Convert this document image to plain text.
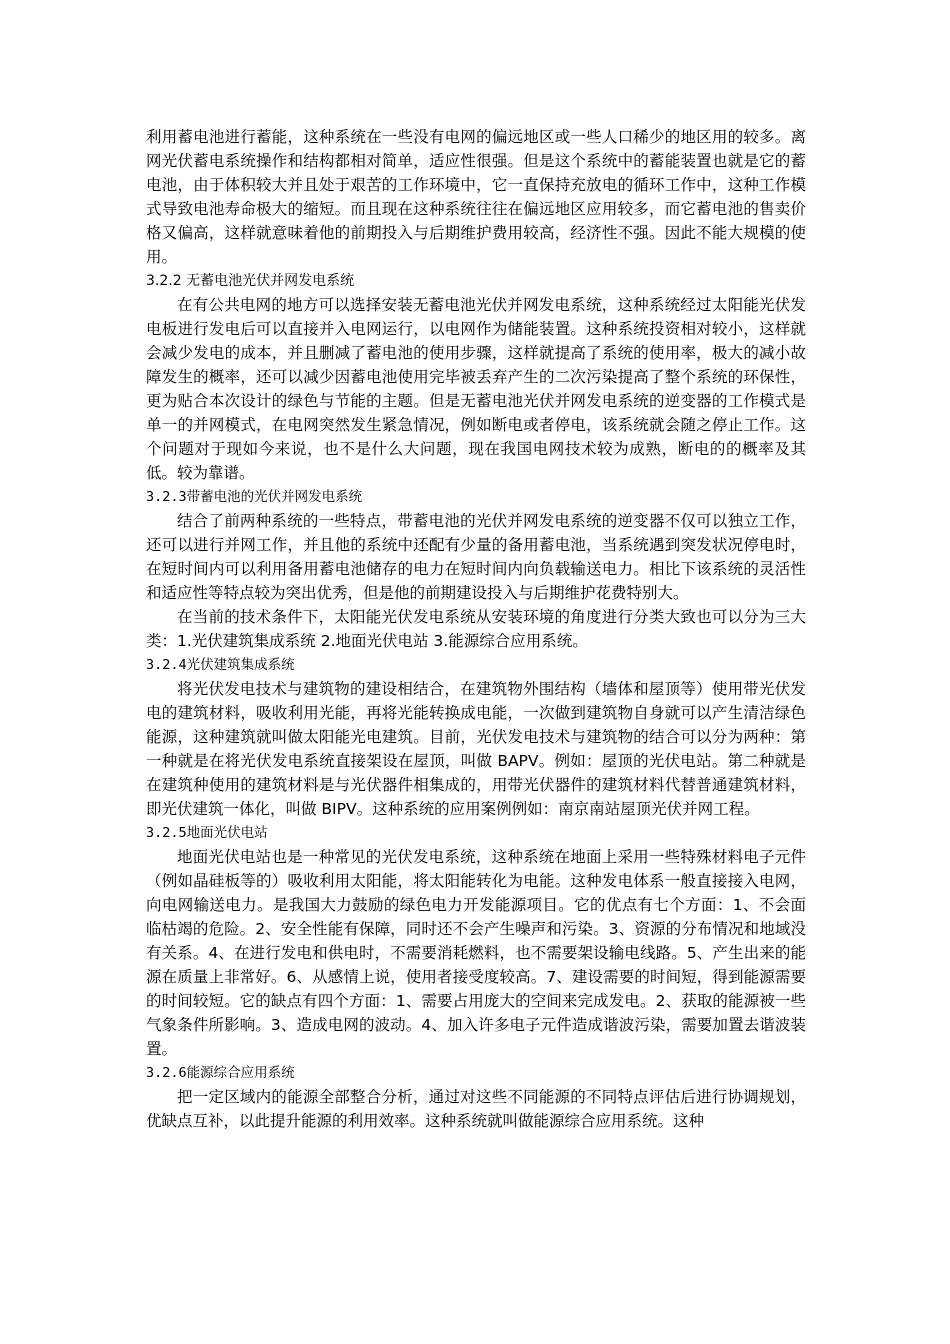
利用蓄电池进行蓄能，这种系统在一些没有电网的偏远地区或一些人口稀少的地区用的较多。离网光伏蓄电系统操作和结构都相对简单，适应性很强。但是这个系统中的蓄能装置也就是它的蓄电池，由于体积较大并且处于艰苦的工作环境中，它一直保持充放电的循环工作中，这种工作模式导致电池寿命极大的缩短。而且现在这种系统往往在偏远地区应用较多，而它蓄电池的售卖价格又偏高，这样就意味着他的前期投入与后期维护费用较高，经济性不强。因此不能大规模的使用。

3.2.2 无蓄电池光伏并网发电系统

在有公共电网的地方可以选择安装无蓄电池光伏并网发电系统，这种系统经过太阳能光伏发电板进行发电后可以直接并入电网运行，以电网作为储能装置。这种系统投资相对较小，这样就会减少发电的成本，并且删减了蓄电池的使用步骤，这样就提高了系统的使用率，极大的减小故障发生的概率，还可以减少因蓄电池使用完毕被丢弃产生的二次污染提高了整个系统的环保性，更为贴合本次设计的绿色与节能的主题。但是无蓄电池光伏并网发电系统的逆变器的工作模式是单一的并网模式，在电网突然发生紧急情况，例如断电或者停电，该系统就会随之停止工作。这个问题对于现如今来说，也不是什么大问题，现在我国电网技术较为成熟，断电的的概率及其低。较为靠谱。

3.2.3带蓄电池的光伏并网发电系统

结合了前两种系统的一些特点，带蓄电池的光伏并网发电系统的逆变器不仅可以独立工作，还可以进行并网工作，并且他的系统中还配有少量的备用蓄电池，当系统遇到突发状况停电时，在短时间内可以利用备用蓄电池储存的电力在短时间内向负载输送电力。相比下该系统的灵活性和适应性等特点较为突出优秀，但是他的前期建设投入与后期维护花费特别大。

在当前的技术条件下，太阳能光伏发电系统从安装环境的角度进行分类大致也可以分为三大类：1.光伏建筑集成系统 2.地面光伏电站 3.能源综合应用系统。

3.2.4光伏建筑集成系统

将光伏发电技术与建筑物的建设相结合，在建筑物外围结构（墙体和屋顶等）使用带光伏发电的建筑材料，吸收利用光能，再将光能转换成电能，一次做到建筑物自身就可以产生清洁绿色能源，这种建筑就叫做太阳能光电建筑。目前，光伏发电技术与建筑物的结合可以分为两种：第一种就是在将光伏发电系统直接架设在屋顶，叫做 BAPV。例如：屋顶的光伏电站。第二种就是在建筑种使用的建筑材料是与光伏器件相集成的，用带光伏器件的建筑材料代替普通建筑材料，即光伏建筑一体化，叫做 BIPV。这种系统的应用案例例如：南京南站屋顶光伏并网工程。

3.2.5地面光伏电站

地面光伏电站也是一种常见的光伏发电系统，这种系统在地面上采用一些特殊材料电子元件（例如晶硅板等的）吸收利用太阳能，将太阳能转化为电能。这种发电体系一般直接接入电网，向电网输送电力。是我国大力鼓励的绿色电力开发能源项目。它的优点有七个方面：1、不会面临枯竭的危险。2、安全性能有保障，同时还不会产生噪声和污染。3、资源的分布情况和地域没有关系。4、在进行发电和供电时，不需要消耗燃料，也不需要架设输电线路。5、产生出来的能源在质量上非常好。6、从感情上说，使用者接受度较高。7、建设需要的时间短，得到能源需要的时间较短。它的缺点有四个方面：1、需要占用庞大的空间来完成发电。2、获取的能源被一些气象条件所影响。3、造成电网的波动。4、加入许多电子元件造成谐波污染，需要加置去谐波装置。

3.2.6能源综合应用系统

把一定区域内的能源全部整合分析，通过对这些不同能源的不同特点评估后进行协调规划，优缺点互补，以此提升能源的利用效率。这种系统就叫做能源综合应用系统。这种
